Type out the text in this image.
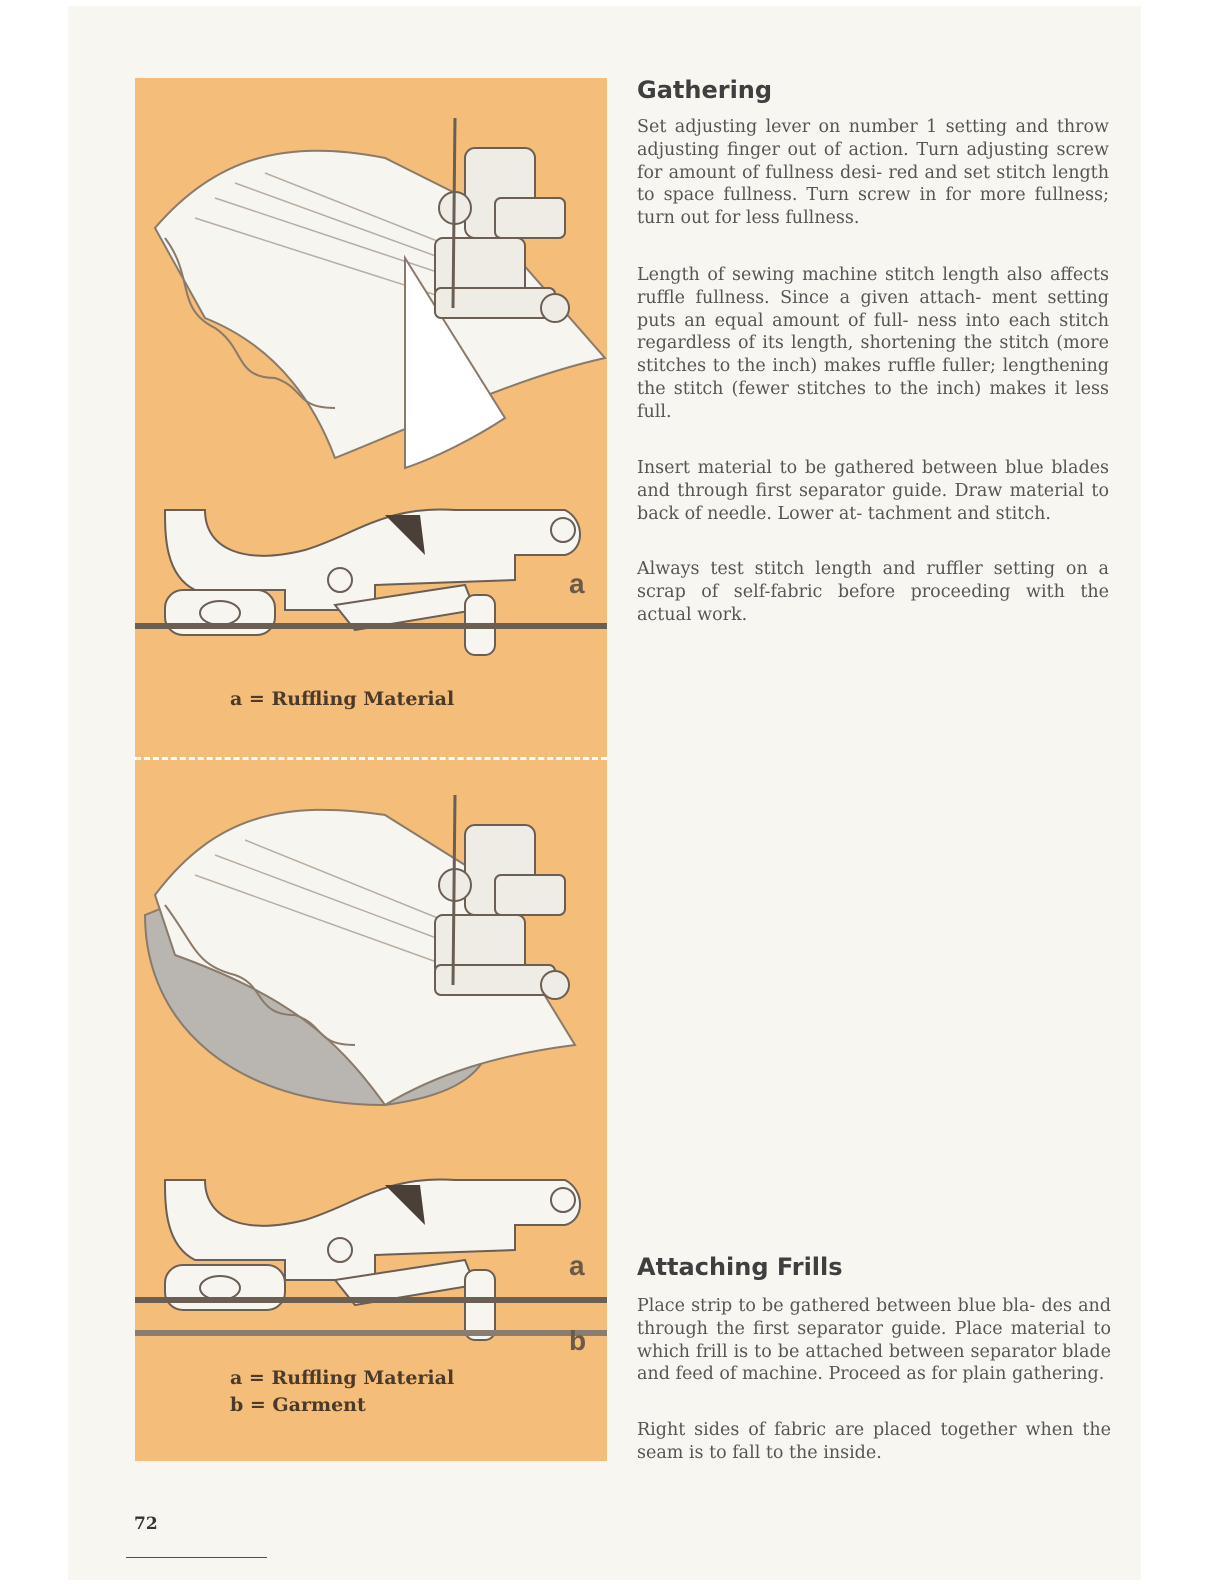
a
a = Ruffling Material
a
b
a = Ruffling Material
b = Garment
Gathering

Set adjusting lever on number 1 setting and throw adjusting finger out of action. Turn adjusting screw for amount of fullness desi- red and set stitch length to space fullness. Turn screw in for more fullness; turn out for less fullness.

Length of sewing machine stitch length also affects ruffle fullness. Since a given attach- ment setting puts an equal amount of full- ness into each stitch regardless of its length, shortening the stitch (more stitches to the inch) makes ruffle fuller; lengthening the stitch (fewer stitches to the inch) makes it less full.

Insert material to be gathered between blue blades and through first separator guide. Draw material to back of needle. Lower at- tachment and stitch.

Always test stitch length and ruffler setting on a scrap of self-fabric before proceeding with the actual work.

Attaching Frills

Place strip to be gathered between blue bla- des and through the first separator guide. Place material to which frill is to be attached between separator blade and feed of machine. Proceed as for plain gathering.

Right sides of fabric are placed together when the seam is to fall to the inside.

72
